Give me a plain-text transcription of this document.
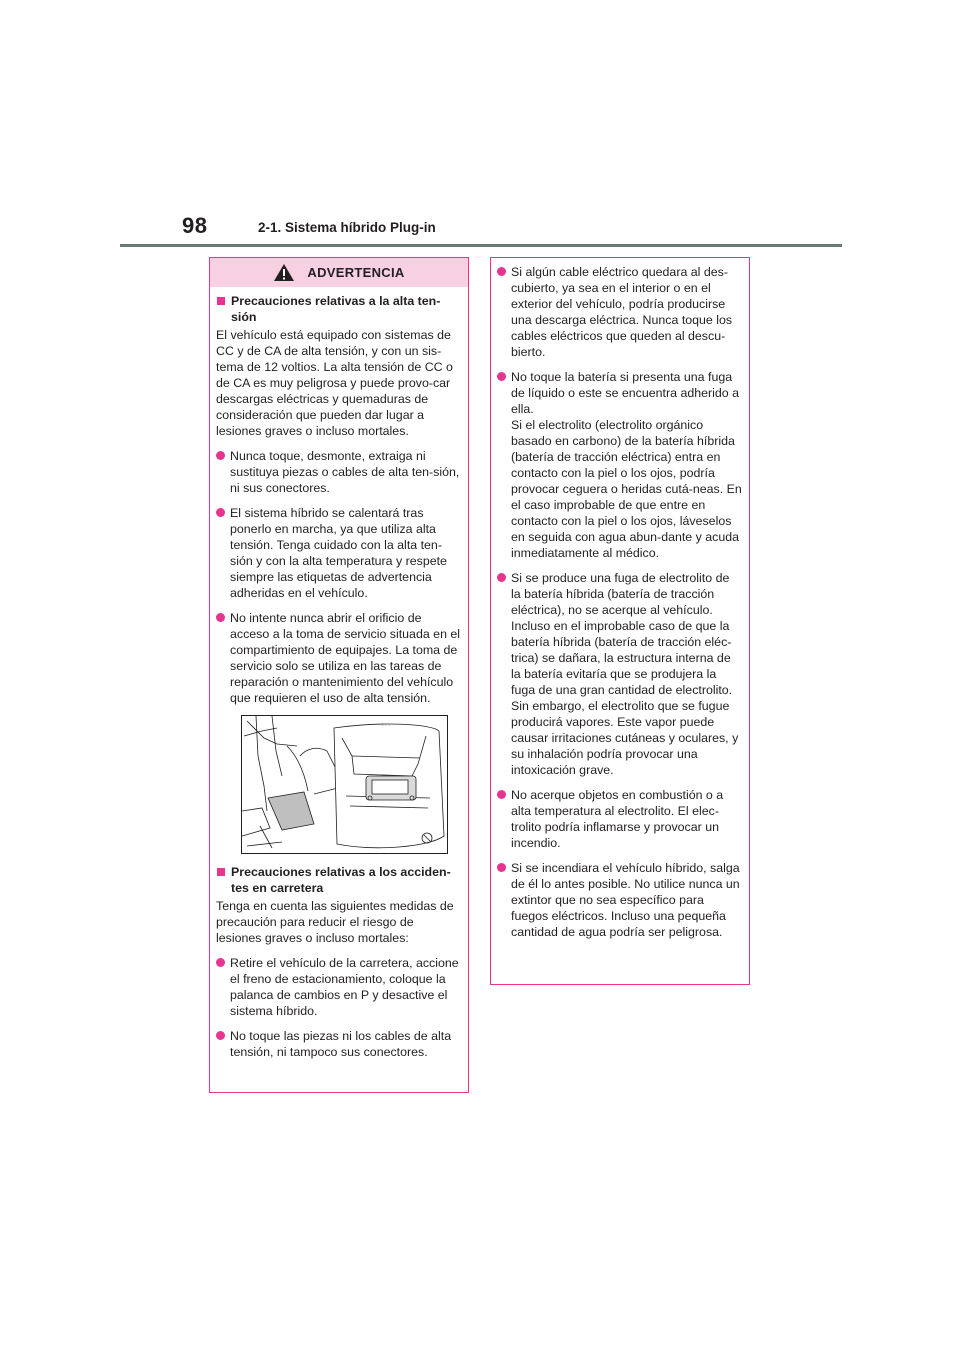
98	2-1. Sistema híbrido Plug-in
ADVERTENCIA
Precauciones relativas a la alta ten-sión

El vehículo está equipado con sistemas de CC y de CA de alta tensión, y con un sis-tema de 12 voltios. La alta tensión de CC o de CA es muy peligrosa y puede provo-car descargas eléctricas y quemaduras de consideración que pueden dar lugar a lesiones graves o incluso mortales.

Nunca toque, desmonte, extraiga ni sustituya piezas o cables de alta ten-sión, ni sus conectores.
El sistema híbrido se calentará tras ponerlo en marcha, ya que utiliza alta tensión. Tenga cuidado con la alta ten-sión y con la alta temperatura y respete siempre las etiquetas de advertencia adheridas en el vehículo.
No intente nunca abrir el orificio de acceso a la toma de servicio situada en el compartimiento de equipajes. La toma de servicio solo se utiliza en las tareas de reparación o mantenimiento del vehículo que requieren el uso de alta tensión.
. . .
Precauciones relativas a los acciden-tes en carretera

Tenga en cuenta las siguientes medidas de precaución para reducir el riesgo de lesiones graves o incluso mortales:

Retire el vehículo de la carretera, accione el freno de estacionamiento, coloque la palanca de cambios en P y desactive el sistema híbrido.
No toque las piezas ni los cables de alta tensión, ni tampoco sus conectores.
Si algún cable eléctrico quedara al des-cubierto, ya sea en el interior o en el exterior del vehículo, podría producirse una descarga eléctrica. Nunca toque los cables eléctricos que queden al descu-bierto.
No toque la batería si presenta una fuga de líquido o este se encuentra adherido a ella.
Si el electrolito (electrolito orgánico basado en carbono) de la batería híbrida (batería de tracción eléctrica) entra en contacto con la piel o los ojos, podría provocar ceguera o heridas cutá-neas. En el caso improbable de que entre en contacto con la piel o los ojos, láveselos en seguida con agua abun-dante y acuda inmediatamente al médico.
Si se produce una fuga de electrolito de la batería híbrida (batería de tracción eléctrica), no se acerque al vehículo. Incluso en el improbable caso de que la batería híbrida (batería de tracción eléc-trica) se dañara, la estructura interna de la batería evitaría que se produjera la fuga de una gran cantidad de electrolito. Sin embargo, el electrolito que se fugue producirá vapores. Este vapor puede causar irritaciones cutáneas y oculares, y su inhalación podría provocar una intoxicación grave.
No acerque objetos en combustión o a alta temperatura al electrolito. El elec-trolito podría inflamarse y provocar un incendio.
Si se incendiara el vehículo híbrido, salga de él lo antes posible. No utilice nunca un extintor que no sea específico para fuegos eléctricos. Incluso una pequeña cantidad de agua podría ser peligrosa.
